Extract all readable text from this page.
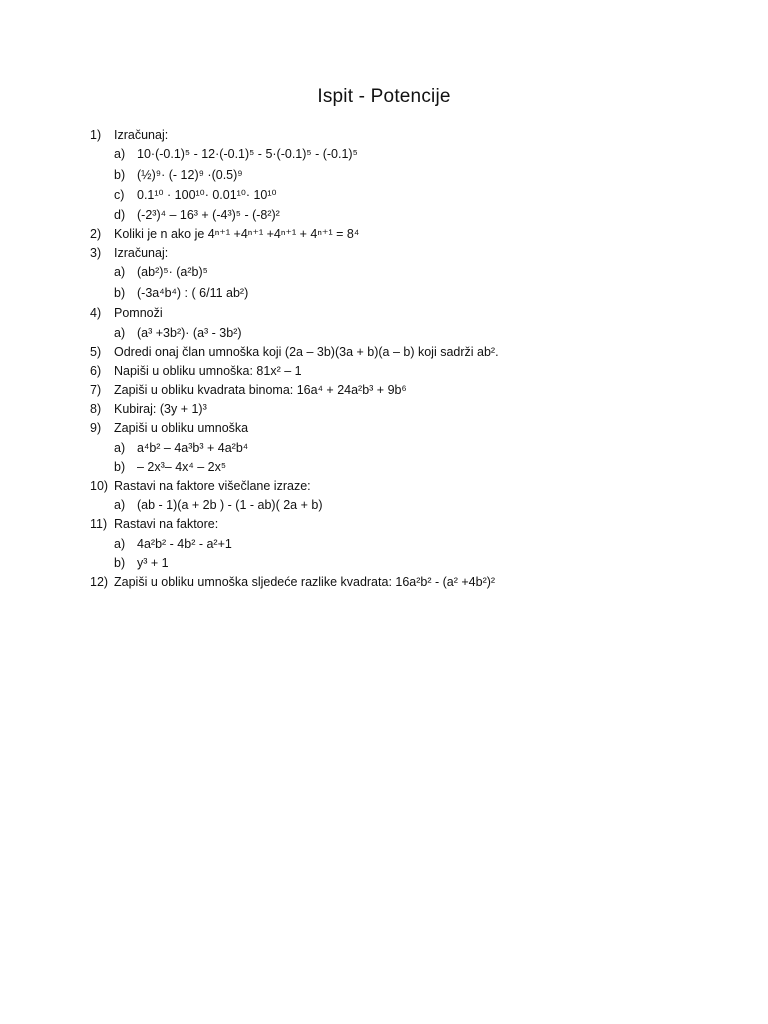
Ispit - Potencije
1) Izračunaj:
a) 10·(-0.1)⁵ - 12·(-0.1)⁵ - 5·(-0.1)⁵ - (-0.1)⁵
b) (½)⁹· (- 12)⁹ ·(0.5)⁹
c) 0.1¹⁰ · 100¹⁰· 0.01¹⁰· 10¹⁰
d) (-2³)⁴ – 16³ + (-4³)⁵ - (-8²)²
2) Koliki je n ako je 4ⁿ⁺¹ +4ⁿ⁺¹ +4ⁿ⁺¹ + 4ⁿ⁺¹ = 8⁴
3) Izračunaj:
a) (ab²)⁵· (a²b)⁵
b) (-3a⁴b⁴) : ( 6/11 ab²)
4) Pomnoži
a) (a³ +3b²)· (a³ - 3b²)
5) Odredi onaj član umnoška koji (2a – 3b)(3a + b)(a – b) koji sadrži ab².
6) Napiši u obliku umnoška: 81x² – 1
7) Zapiši u obliku kvadrata binoma: 16a⁴ + 24a²b³ + 9b⁶
8) Kubiraj: (3y + 1)³
9) Zapiši u obliku umnoška
a) a⁴b² – 4a³b³ + 4a²b⁴
b) – 2x³– 4x⁴ – 2x⁵
10) Rastavi na faktore višečlane izraze:
a) (ab - 1)(a + 2b ) - (1 - ab)( 2a + b)
11) Rastavi na faktore:
a) 4a²b² - 4b² - a²+1
b) y³ + 1
12) Zapiši u obliku umnoška sljedeće razlike kvadrata: 16a²b² - (a² +4b²)²
